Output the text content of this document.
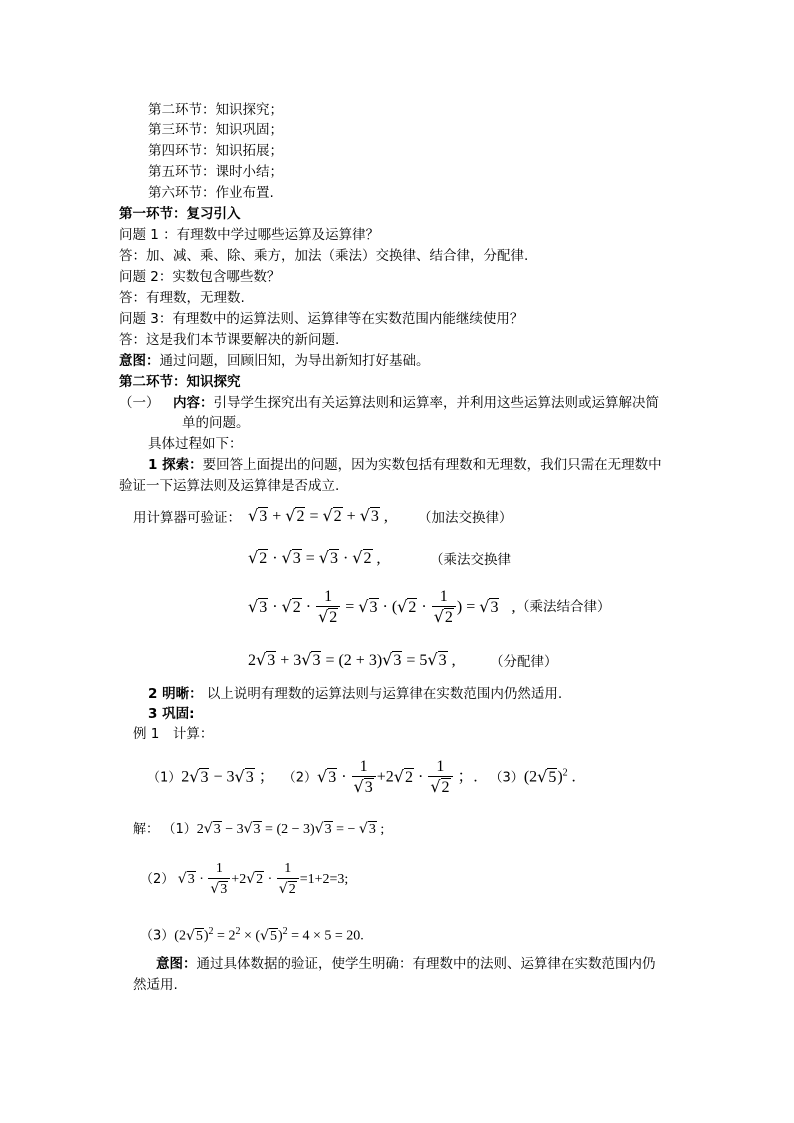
第二环节：知识探究；
第三环节：知识巩固；
第四环节：知识拓展；
第五环节：课时小结；
第六环节：作业布置.
第一环节：复习引入
问题 1 ：有理数中学过哪些运算及运算律？
答：加、减、乘、除、乘方，加法（乘法）交换律、结合律，分配律.
问题 2：实数包含哪些数？
答：有理数，无理数.
问题 3：有理数中的运算法则、运算律等在实数范围内能继续使用？
答：这是我们本节课要解决的新问题.
意图：通过问题，回顾旧知，为导出新知打好基础。
第二环节：知识探究
（一）  内容：引导学生探究出有关运算法则和运算率，并利用这些运算法则或运算解决简
单的问题。
具体过程如下：
1 探索：要回答上面提出的问题，因为实数包括有理数和无理数，我们只需在无理数中
验证一下运算法则及运算律是否成立.
用计算器可验证： √3 + √2 = √2 + √3 , （加法交换律）
√2 · √3 = √3 · √2 ,	（乘法交换律
$√3 \cdot √2 \cdot \frac{1}{√2} = √3 \cdot (√2 \cdot \frac{1}{√2}$ ) = √3   , （乘法结合律）
2√3 + 3√3 = (2 + 3)√3 = 5√3 ,	（分配律）
2 明晰： 以上说明有理数的运算法则与运算律在实数范围内仍然适用.
3 巩固:
例 1　计算：
（1）2√3 − 3√3 ；  $(2)√3 \cdot \frac{1}{√3} +2√2 \cdot \frac{1}{√2}$ ；.   $(3)(2√5)^2$ .
解： （1）2√3 − 3√3 = (2 − 3)√3 = − √3 ;
（2） $√3 \cdot \frac{1}{√3} +2√2 \cdot \frac{1}{√2} =1+2=3$;
$(3)(2√5)^2 = 2^2 \times (√5)^2 = 4 \times 5 = 20$.
意图：通过具体数据的验证，使学生明确：有理数中的法则、运算律在实数范围内仍
然适用.
